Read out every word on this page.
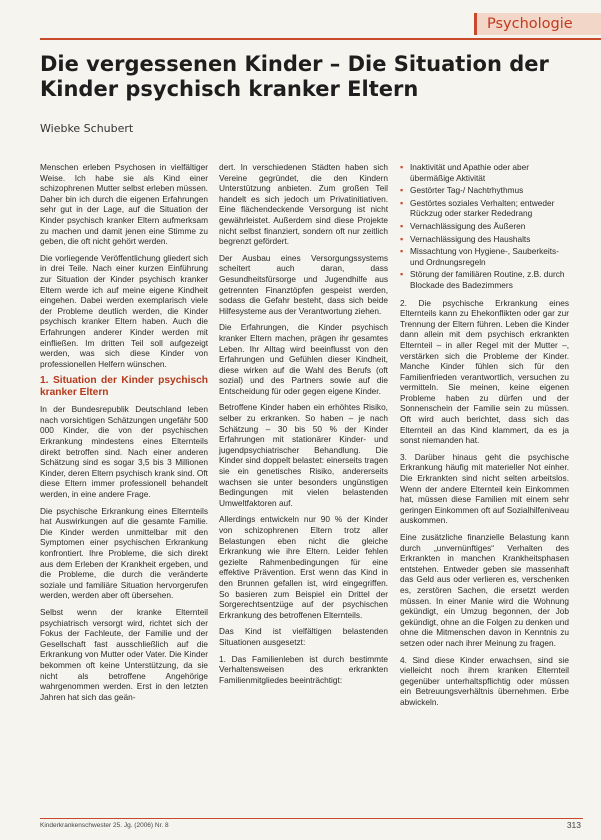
Psychologie
Die vergessenen Kinder – Die Situation der Kinder psychisch kranker Eltern

Wiebke Schubert

Menschen erleben Psychosen in vielfältiger Weise. Ich habe sie als Kind einer schizophrenen Mutter selbst erleben müssen. Daher bin ich durch die eigenen Erfahrungen sehr gut in der Lage, auf die Situation der Kinder psychisch kranker Eltern aufmerksam zu machen und damit jenen eine Stimme zu geben, die oft nicht gehört werden.

Die vorliegende Veröffentlichung gliedert sich in drei Teile. Nach einer kurzen Einführung zur Situation der Kinder psychisch kranker Eltern werde ich auf meine eigene Kindheit eingehen. Dabei werden exemplarisch viele der Probleme deutlich werden, die Kinder psychisch kranker Eltern haben. Auch die Erfahrungen anderer Kinder werden mit einfließen. Im dritten Teil soll aufgezeigt werden, was sich diese Kinder von professionellen Helfern wünschen.

1. Situation der Kinder psychisch kranker Eltern

In der Bundesrepublik Deutschland leben nach vorsichtigen Schätzungen ungefähr 500 000 Kinder, die von der psychischen Erkrankung mindestens eines Elternteils direkt betroffen sind. Nach einer anderen Schätzung sind es sogar 3,5 bis 3 Millionen Kinder, deren Eltern psychisch krank sind. Oft diese Eltern immer professionell behandelt werden, in eine andere Frage.

Die psychische Erkrankung eines Elternteils hat Auswirkungen auf die gesamte Familie. Die Kinder werden unmittelbar mit den Symptomen einer psychischen Erkrankung konfrontiert. Ihre Probleme, die sich direkt aus dem Erleben der Krankheit ergeben, und die Probleme, die durch die veränderte soziale und familiäre Situation hervorgerufen werden, werden aber oft übersehen.

Selbst wenn der kranke Elternteil psychiatrisch versorgt wird, richtet sich der Fokus der Fachleute, der Familie und der Gesellschaft fast ausschließlich auf die Erkrankung von Mutter oder Vater. Die Kinder bekommen oft keine Unterstützung, da sie nicht als betroffene Angehörige wahrgenommen werden. Erst in den letzten Jahren hat sich das geän-

dert. In verschiedenen Städten haben sich Vereine gegründet, die den Kindern Unterstützung anbieten. Zum großen Teil handelt es sich jedoch um Privatinitiativen. Eine flächendeckende Versorgung ist nicht gewährleistet. Außerdem sind diese Projekte nicht selbst finanziert, sondern oft nur zeitlich begrenzt gefördert.

Der Ausbau eines Versorgungssystems scheitert auch daran, dass Gesundheitsfürsorge und Jugendhilfe aus getrennten Finanztöpfen gespeist werden, sodass die Gefahr besteht, dass sich beide Hilfesysteme aus der Verantwortung ziehen.

Die Erfahrungen, die Kinder psychisch kranker Eltern machen, prägen ihr gesamtes Leben. Ihr Alltag wird beeinflusst von den Erfahrungen und Gefühlen dieser Kindheit, diese wirken auf die Wahl des Berufs (oft sozial) und des Partners sowie auf die Entscheidung für oder gegen eigene Kinder.

Betroffene Kinder haben ein erhöhtes Risiko, selber zu erkranken. So haben – je nach Schätzung – 30 bis 50 % der Kinder Erfahrungen mit stationärer Kinder- und jugendpsychiatrischer Behandlung. Die Kinder sind doppelt belastet: einerseits tragen sie ein genetisches Risiko, andererseits wachsen sie unter besonders ungünstigen Bedingungen mit vielen belastenden Umweltfaktoren auf.

Allerdings entwickeln nur 90 % der Kinder von schizophrenen Eltern trotz aller Belastungen eben nicht die gleiche Erkrankung wie ihre Eltern. Leider fehlen gezielte Rahmenbedingungen für eine effektive Prävention. Erst wenn das Kind in den Brunnen gefallen ist, wird eingegriffen. So basieren zum Beispiel ein Drittel der Sorgerechtsentzüge auf der psychischen Erkrankung des betroffenen Elternteils.

Das Kind ist vielfältigen belastenden Situationen ausgesetzt:

1. Das Familienleben ist durch bestimmte Verhaltensweisen des erkrankten Familienmitgliedes beeinträchtigt:

▪ Inaktivität und Apathie oder aber übermäßige Aktivität
▪ Gestörter Tag-/ Nachtrhythmus
▪ Gestörtes soziales Verhalten; entweder Rückzug oder starker Rededrang
▪ Vernachlässigung des Äußeren
▪ Vernachlässigung des Haushalts
▪ Missachtung von Hygiene-, Sauberkeits- und Ordnungsregeln
▪ Störung der familiären Routine, z.B. durch Blockade des Badezimmers

2. Die psychische Erkrankung eines Elternteils kann zu Ehekonflikten oder gar zur Trennung der Eltern führen. Leben die Kinder dann allein mit dem psychisch erkrankten Elternteil – in aller Regel mit der Mutter –, verstärken sich die Probleme der Kinder. Manche Kinder fühlen sich für den Familienfrieden verantwortlich, versuchen zu vermitteln. Sie meinen, keine eigenen Probleme haben zu dürfen und der Sonnenschein der Familie sein zu müssen. Oft wird auch berichtet, dass sich das Elternteil an das Kind klammert, da es ja sonst niemanden hat.

3. Darüber hinaus geht die psychische Erkrankung häufig mit materieller Not einher. Die Erkrankten sind nicht selten arbeitslos. Wenn der andere Elternteil kein Einkommen hat, müssen diese Familien mit einem sehr geringen Einkommen oft auf Sozialhilfeniveau auskommen.

Eine zusätzliche finanzielle Belastung kann durch „unvernünftiges“ Verhalten des Erkrankten in manchen Krankheitsphasen entstehen. Entweder geben sie massenhaft das Geld aus oder verlieren es, verschenken es, zerstören Sachen, die ersetzt werden müssen. In einer Manie wird die Wohnung gekündigt, ein Umzug begonnen, der Job gekündigt, ohne an die Folgen zu denken und ohne die Mitmenschen davon in Kenntnis zu setzen oder nach ihrer Meinung zu fragen.

4. Sind diese Kinder erwachsen, sind sie vielleicht noch ihrem kranken Elternteil gegenüber unterhaltspflichtig oder müssen ein Betreuungsverhältnis übernehmen. Erbe abwickeln.

Kinderkrankenschwester 25. Jg. (2006) Nr. 8	313
